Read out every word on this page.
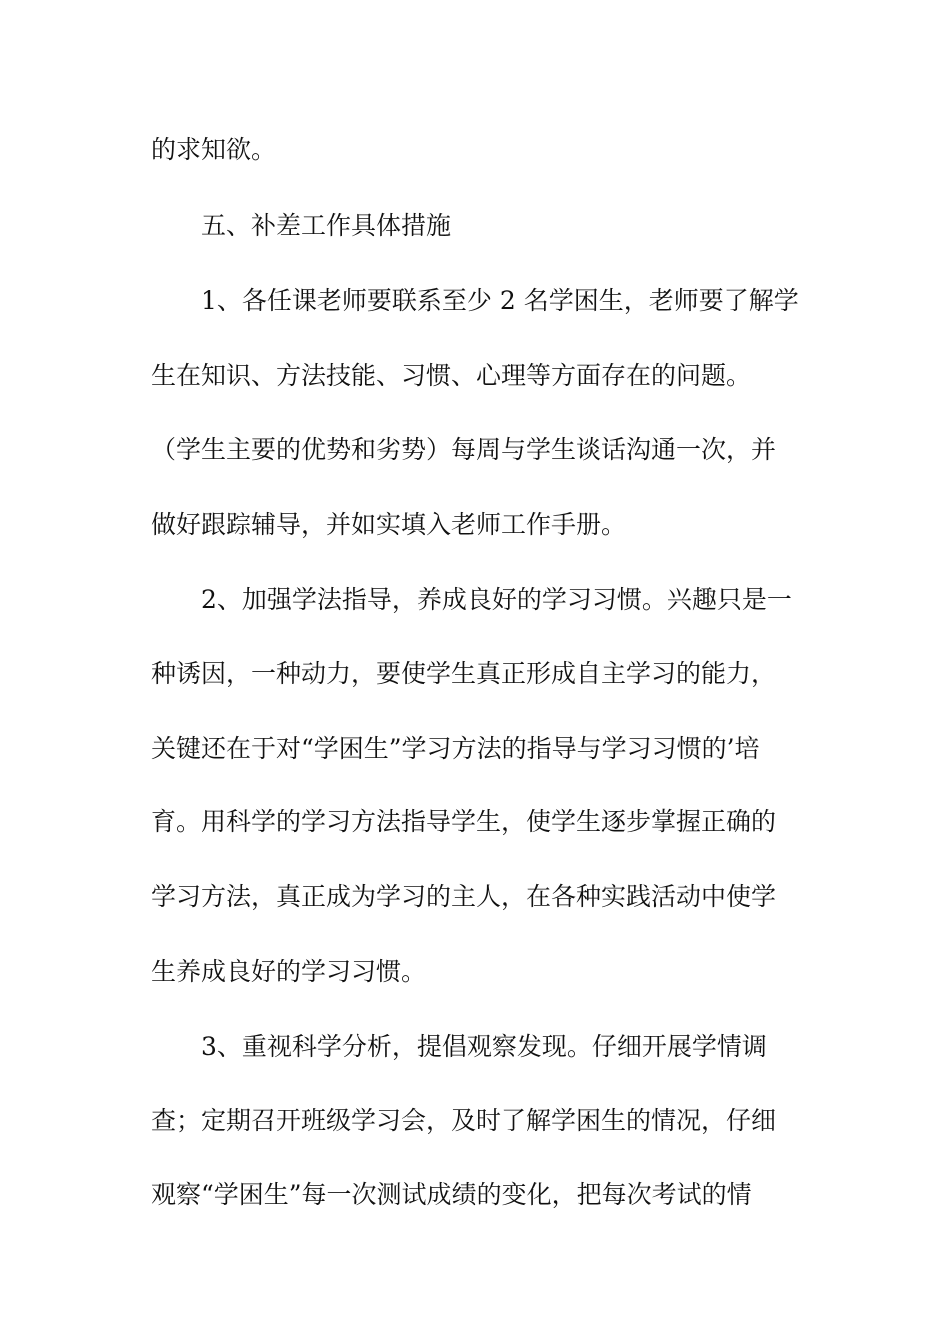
的求知欲。
五、补差工作具体措施
1、各任课老师要联系至少 2 名学困生，老师要了解学
生在知识、方法技能、习惯、心理等方面存在的问题。
（学生主要的优势和劣势）每周与学生谈话沟通一次，并
做好跟踪辅导，并如实填入老师工作手册。
2、加强学法指导，养成良好的学习习惯。兴趣只是一
种诱因，一种动力，要使学生真正形成自主学习的能力，
关键还在于对“学困生”学习方法的指导与学习习惯的’培
育。用科学的学习方法指导学生，使学生逐步掌握正确的
学习方法，真正成为学习的主人，在各种实践活动中使学
生养成良好的学习习惯。
3、重视科学分析，提倡观察发现。仔细开展学情调
查；定期召开班级学习会，及时了解学困生的情况，仔细
观察“学困生”每一次测试成绩的变化，把每次考试的情
